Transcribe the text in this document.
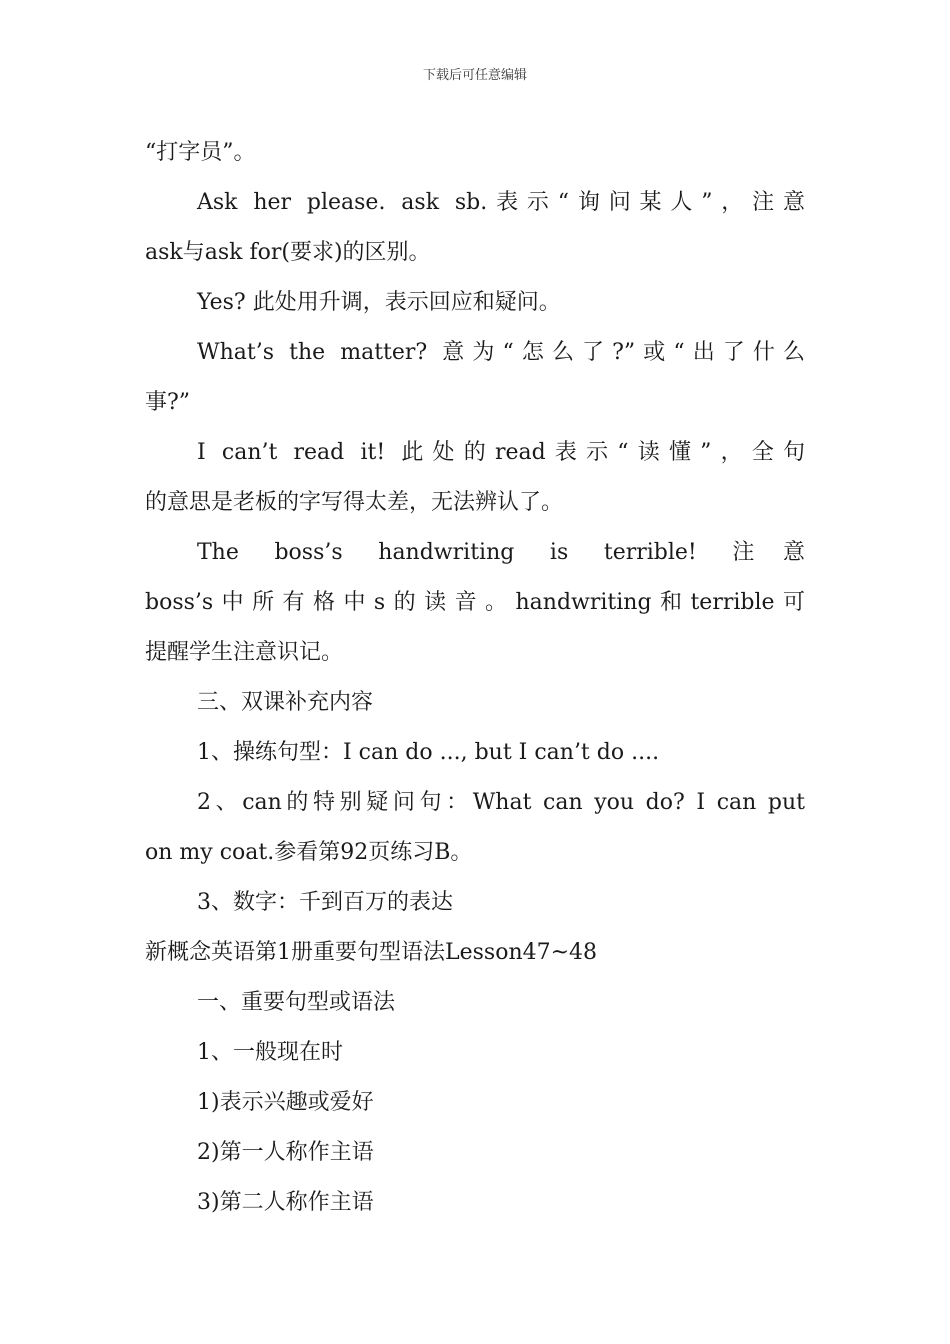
下载后可任意编辑
“打字员”。
Ask her please. ask sb.表示“询问某人”，注意
ask与ask for(要求)的区别。
Yes? 此处用升调，表示回应和疑问。
What’s the matter? 意为“怎么了?”或“出了什么
事?”
I can’t read it! 此处的read表示“读懂”，全句
的意思是老板的字写得太差，无法辨认了。
The boss’s handwriting is terrible! 注意
boss’s中所有格中s的读音。handwriting和terrible可
提醒学生注意识记。
三、双课补充内容
1、操练句型：I can do ..., but I can’t do ....
2、can的特别疑问句：What can you do? I can put
on my coat.参看第92页练习B。
3、数字：千到百万的表达
新概念英语第1册重要句型语法Lesson47~48
一、重要句型或语法
1、一般现在时
1)表示兴趣或爱好
2)第一人称作主语
3)第二人称作主语
